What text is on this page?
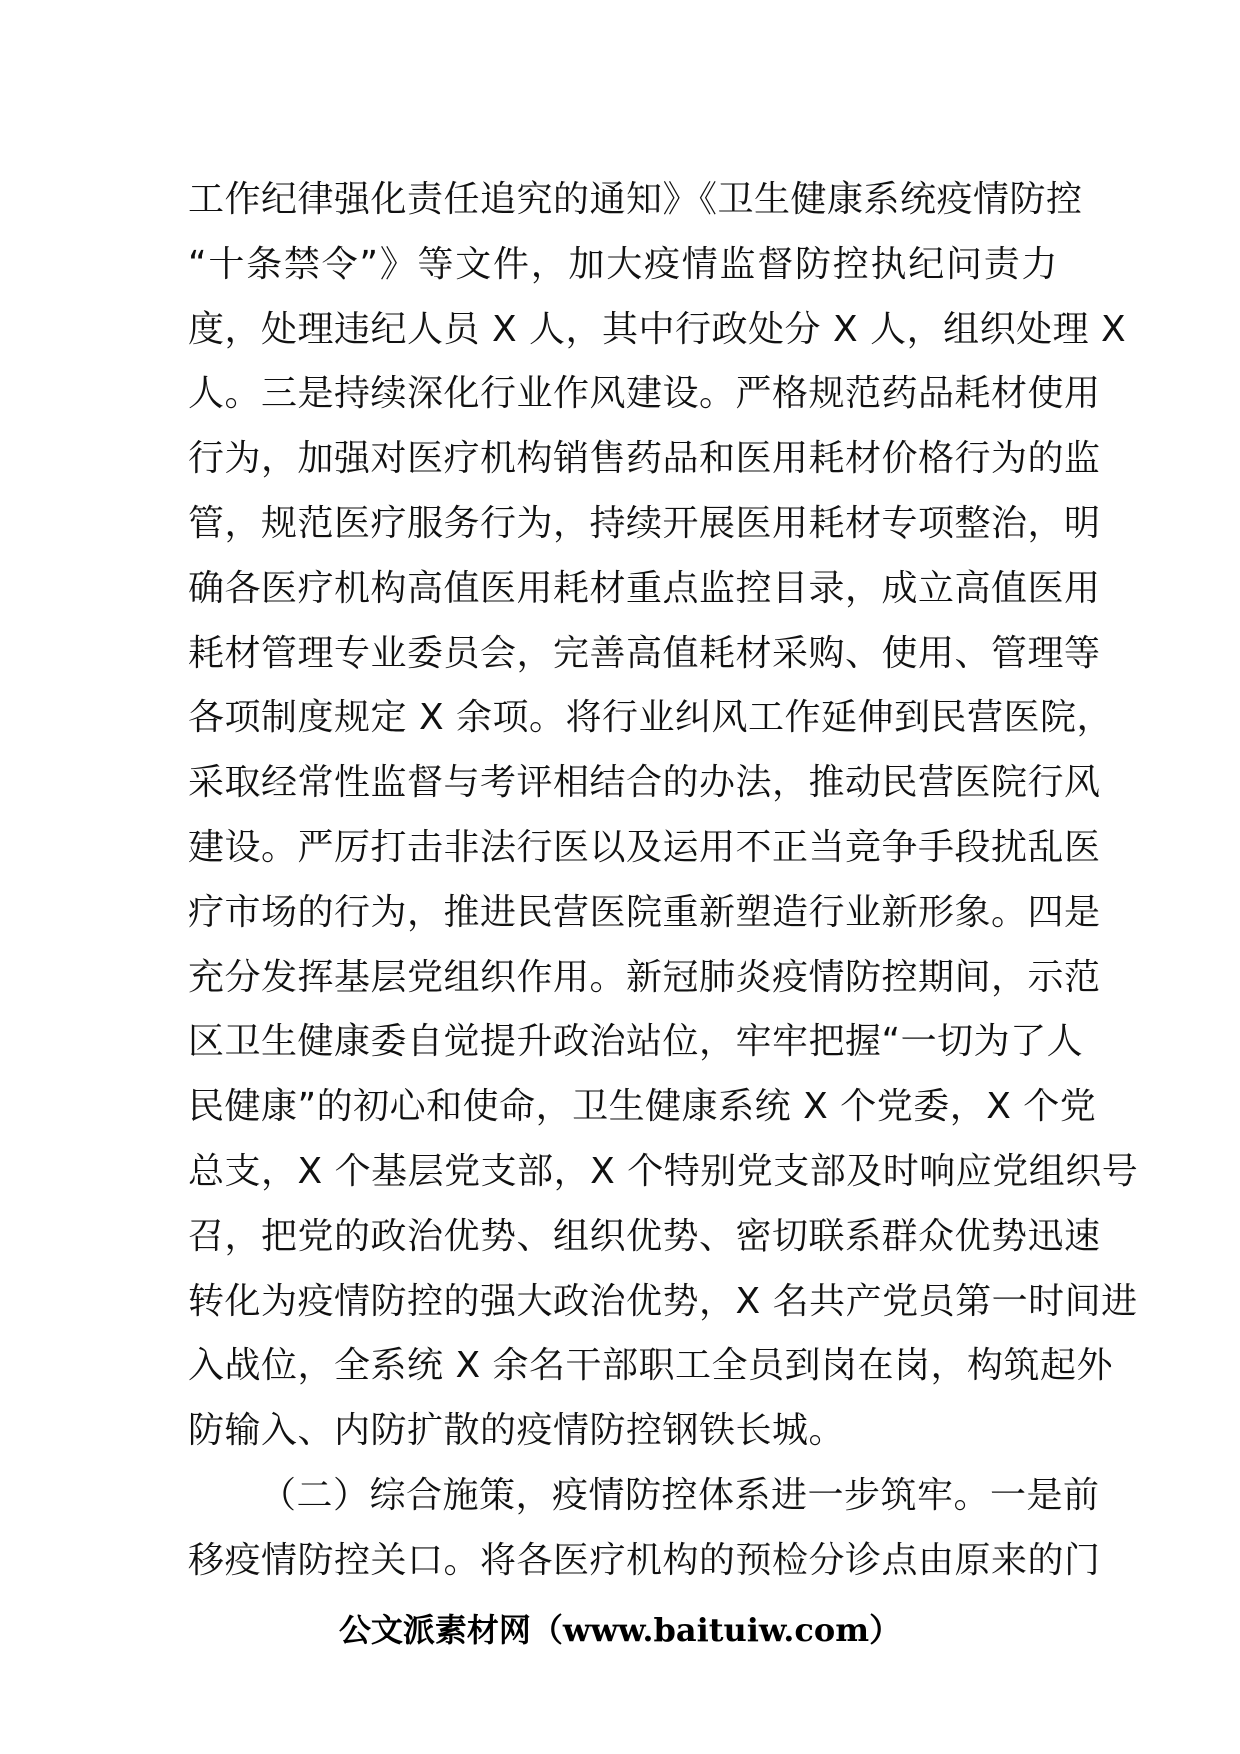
工作纪律强化责任追究的通知》《卫生健康系统疫情防控
“十条禁令”》等文件，加大疫情监督防控执纪问责力
度，处理违纪人员 X 人，其中行政处分 X 人，组织处理 X
人。三是持续深化行业作风建设。严格规范药品耗材使用
行为，加强对医疗机构销售药品和医用耗材价格行为的监
管，规范医疗服务行为，持续开展医用耗材专项整治，明
确各医疗机构高值医用耗材重点监控目录，成立高值医用
耗材管理专业委员会，完善高值耗材采购、使用、管理等
各项制度规定 X 余项。将行业纠风工作延伸到民营医院，
采取经常性监督与考评相结合的办法，推动民营医院行风
建设。严厉打击非法行医以及运用不正当竞争手段扰乱医
疗市场的行为，推进民营医院重新塑造行业新形象。四是
充分发挥基层党组织作用。新冠肺炎疫情防控期间，示范
区卫生健康委自觉提升政治站位，牢牢把握“一切为了人
民健康”的初心和使命，卫生健康系统 X 个党委，X 个党
总支，X 个基层党支部，X 个特别党支部及时响应党组织号
召，把党的政治优势、组织优势、密切联系群众优势迅速
转化为疫情防控的强大政治优势，X 名共产党员第一时间进
入战位，全系统 X 余名干部职工全员到岗在岗，构筑起外
防输入、内防扩散的疫情防控钢铁长城。
（二）综合施策，疫情防控体系进一步筑牢。一是前
移疫情防控关口。将各医疗机构的预检分诊点由原来的门
公文派素材网（www.baituiw.com）
